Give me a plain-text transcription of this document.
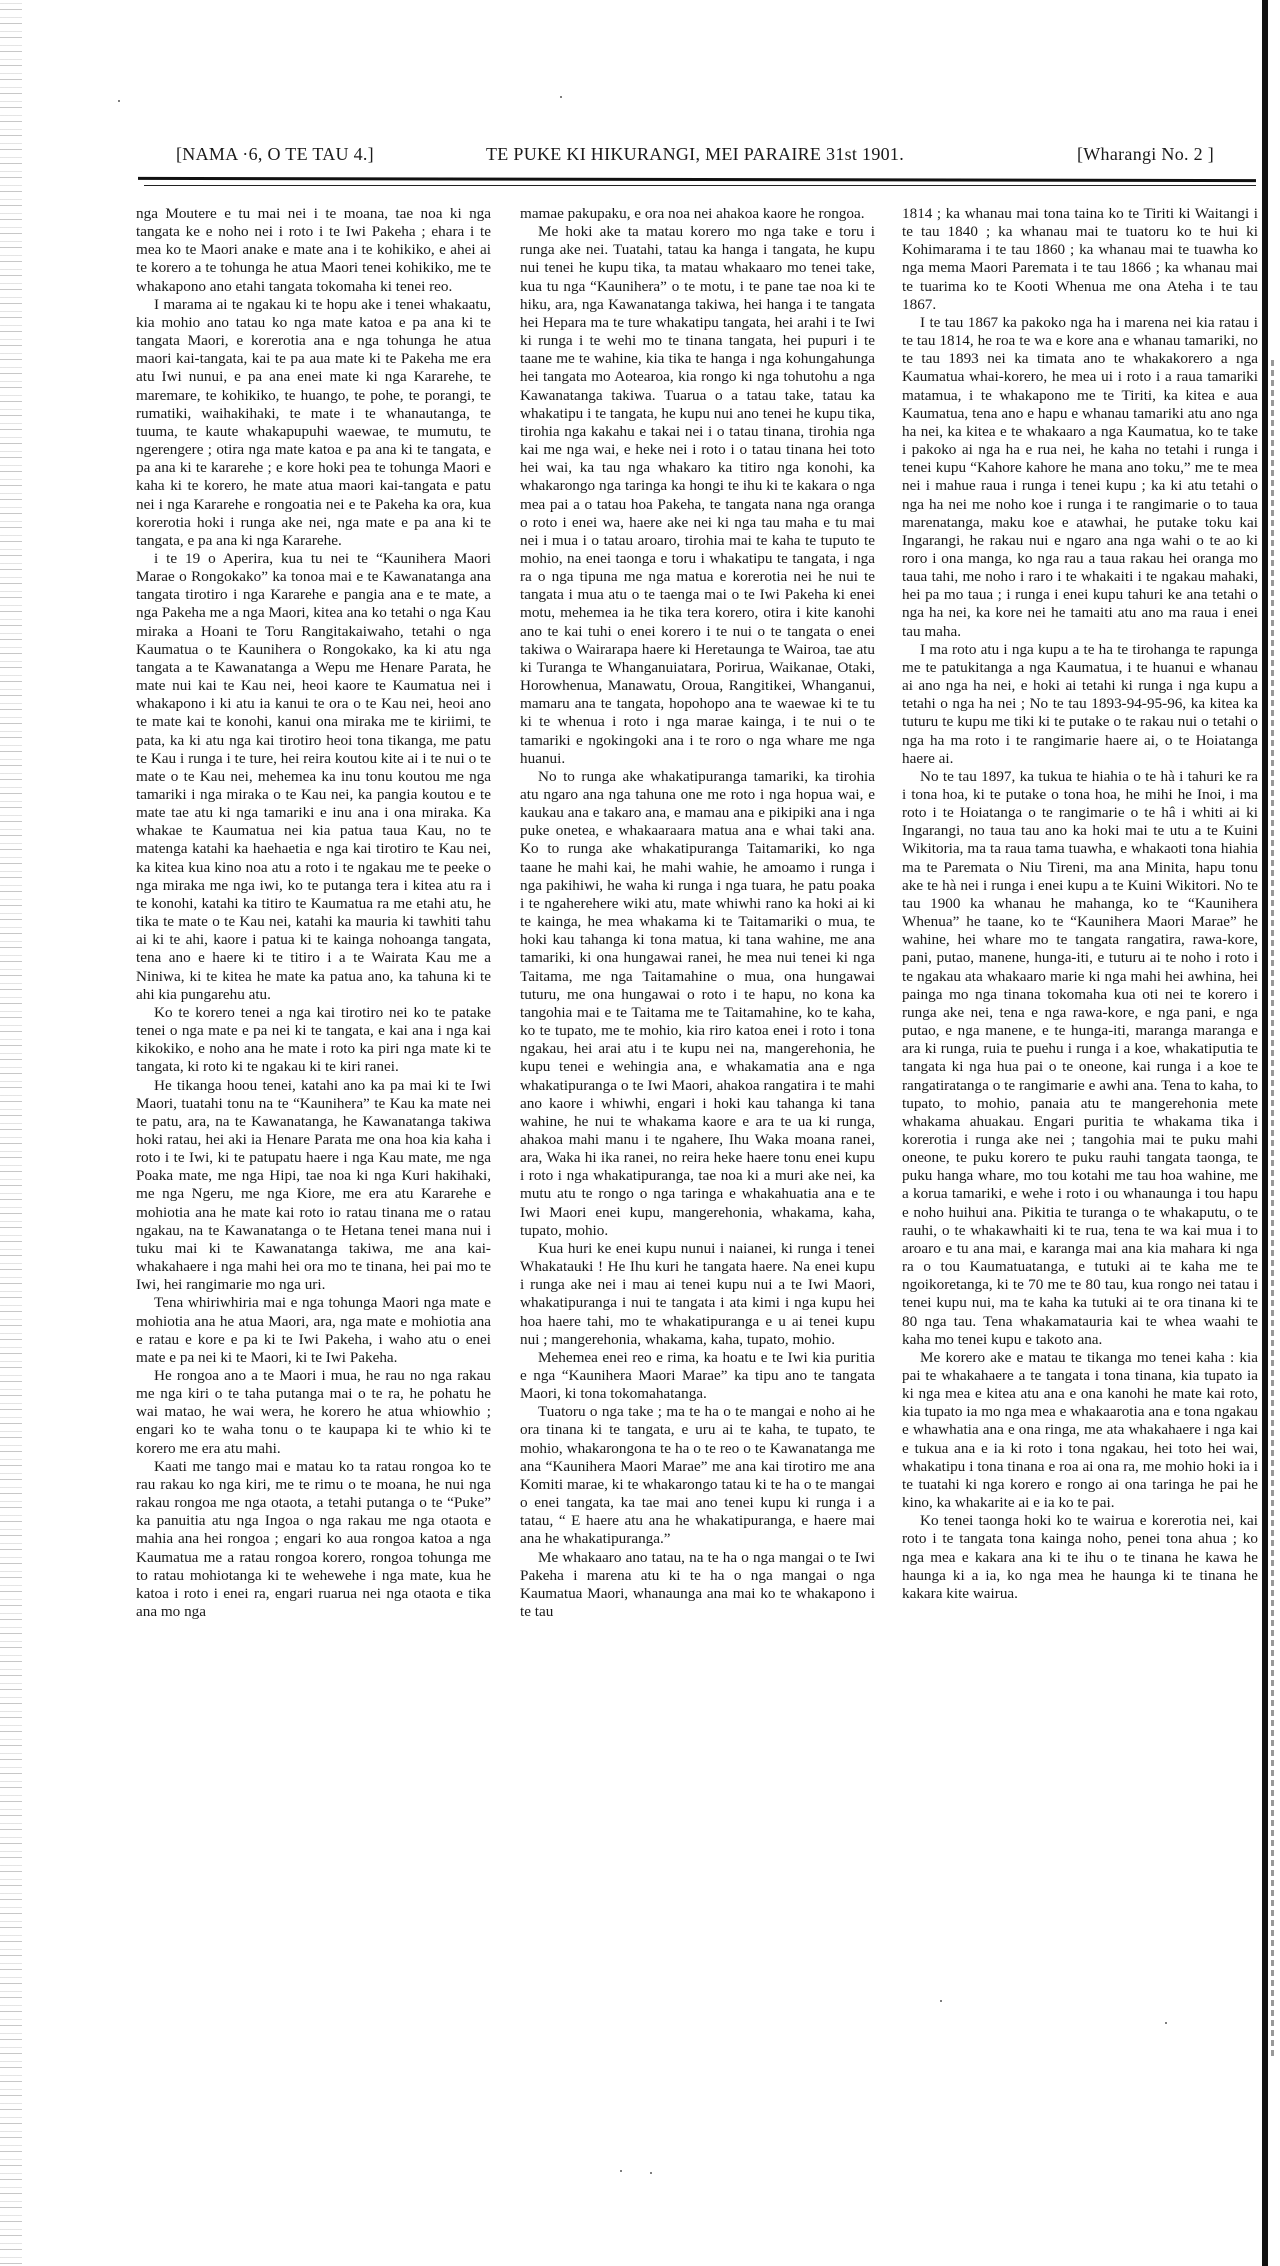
[NAMA ·6, O TE TAU 4.]	TE PUKE KI HIKURANGI, MEI PARAIRE 31st 1901.	[Wharangi No. 2 ]

nga Moutere e tu mai nei i te moana, tae noa ki nga tangata ke e noho nei i roto i te Iwi Pakeha ; ehara i te mea ko te Maori anake e mate ana i te kohikiko, e ahei ai te korero a te tohunga he atua Maori tenei kohikiko, me te whakapono ano etahi tangata tokomaha ki tenei reo.

I marama ai te ngakau ki te hopu ake i tenei whakaatu, kia mohio ano tatau ko nga mate katoa e pa ana ki te tangata Maori, e korerotia ana e nga tohunga he atua maori kai-tangata, kai te pa aua mate ki te Pakeha me era atu Iwi nunui, e pa ana enei mate ki nga Kararehe, te maremare, te kohikiko, te huango, te pohe, te porangi, te rumatiki, waihakihaki, te mate i te whanautanga, te tuuma, te kaute whakapupuhi waewae, te mumutu, te ngerengere ; otira nga mate katoa e pa ana ki te tangata, e pa ana ki te kararehe ; e kore hoki pea te tohunga Maori e kaha ki te korero, he mate atua maori kai-tangata e patu nei i nga Kararehe e rongoatia nei e te Pakeha ka ora, kua korerotia hoki i runga ake nei, nga mate e pa ana ki te tangata, e pa ana ki nga Kararehe.

i te 19 o Aperira, kua tu nei te “Kaunihera Maori Marae o Rongokako” ka tonoa mai e te Kawanatanga ana tangata tirotiro i nga Kararehe e pangia ana e te mate, a nga Pakeha me a nga Maori, kitea ana ko tetahi o nga Kau miraka a Hoani te Toru Rangitakaiwaho, tetahi o nga Kaumatua o te Kaunihera o Rongokako, ka ki atu nga tangata a te Kawanatanga a Wepu me Henare Parata, he mate nui kai te Kau nei, heoi kaore te Kaumatua nei i whakapono i ki atu ia kanui te ora o te Kau nei, heoi ano te mate kai te konohi, kanui ona miraka me te kiriimi, te pata, ka ki atu nga kai tirotiro heoi tona tikanga, me patu te Kau i runga i te ture, hei reira koutou kite ai i te nui o te mate o te Kau nei, mehemea ka inu tonu koutou me nga tamariki i nga miraka o te Kau nei, ka pangia koutou e te mate tae atu ki nga tamariki e inu ana i ona miraka. Ka whakae te Kaumatua nei kia patua taua Kau, no te matenga katahi ka haehaetia e nga kai tirotiro te Kau nei, ka kitea kua kino noa atu a roto i te ngakau me te peeke o nga miraka me nga iwi, ko te putanga tera i kitea atu ra i te konohi, katahi ka titiro te Kaumatua ra me etahi atu, he tika te mate o te Kau nei, katahi ka mauria ki tawhiti tahu ai ki te ahi, kaore i patua ki te kainga nohoanga tangata, tena ano e haere ki te titiro i a te Wairata Kau me a Niniwa, ki te kitea he mate ka patua ano, ka tahuna ki te ahi kia pungarehu atu.

Ko te korero tenei a nga kai tirotiro nei ko te patake tenei o nga mate e pa nei ki te tangata, e kai ana i nga kai kikokiko, e noho ana he mate i roto ka piri nga mate ki te tangata, ki roto ki te ngakau ki te kiri ranei.

He tikanga hoou tenei, katahi ano ka pa mai ki te Iwi Maori, tuatahi tonu na te “Kaunihera” te Kau ka mate nei te patu, ara, na te Kawanatanga, he Kawanatanga takiwa hoki ratau, hei aki ia Henare Parata me ona hoa kia kaha i roto i te Iwi, ki te patupatu haere i nga Kau mate, me nga Poaka mate, me nga Hipi, tae noa ki nga Kuri hakihaki, me nga Ngeru, me nga Kiore, me era atu Kararehe e mohiotia ana he mate kai roto io ratau tinana me o ratau ngakau, na te Kawanatanga o te Hetana tenei mana nui i tuku mai ki te Kawanatanga takiwa, me ana kai-whakahaere i nga mahi hei ora mo te tinana, hei pai mo te Iwi, hei rangimarie mo nga uri.

Tena whiriwhiria mai e nga tohunga Maori nga mate e mohiotia ana he atua Maori, ara, nga mate e mohiotia ana e ratau e kore e pa ki te Iwi Pakeha, i waho atu o enei mate e pa nei ki te Maori, ki te Iwi Pakeha.

He rongoa ano a te Maori i mua, he rau no nga rakau me nga kiri o te taha putanga mai o te ra, he pohatu he wai matao, he wai wera, he korero he atua whiowhio ; engari ko te waha tonu o te kaupapa ki te whio ki te korero me era atu mahi.

Kaati me tango mai e matau ko ta ratau rongoa ko te rau rakau ko nga kiri, me te rimu o te moana, he nui nga rakau rongoa me nga otaota, a tetahi putanga o te “Puke” ka panuitia atu nga Ingoa o nga rakau me nga otaota e mahia ana hei rongoa ; engari ko aua rongoa katoa a nga Kaumatua me a ratau rongoa korero, rongoa tohunga me to ratau mohiotanga ki te wehewehe i nga mate, kua he katoa i roto i enei ra, engari ruarua nei nga otaota e tika ana mo nga

mamae pakupaku, e ora noa nei ahakoa kaore he rongoa.

Me hoki ake ta matau korero mo nga take e toru i runga ake nei. Tuatahi, tatau ka hanga i tangata, he kupu nui tenei he kupu tika, ta matau whakaaro mo tenei take, kua tu nga “Kaunihera” o te motu, i te pane tae noa ki te hiku, ara, nga Kawanatanga takiwa, hei hanga i te tangata hei Hepara ma te ture whakatipu tangata, hei arahi i te Iwi ki runga i te wehi mo te tinana tangata, hei pupuri i te taane me te wahine, kia tika te hanga i nga kohungahunga hei tangata mo Aotearoa, kia rongo ki nga tohutohu a nga Kawanatanga takiwa. Tuarua o a tatau take, tatau ka whakatipu i te tangata, he kupu nui ano tenei he kupu tika, tirohia nga kakahu e takai nei i o tatau tinana, tirohia nga kai me nga wai, e heke nei i roto i o tatau tinana hei toto hei wai, ka tau nga whakaro ka titiro nga konohi, ka whakarongo nga taringa ka hongi te ihu ki te kakara o nga mea pai a o tatau hoa Pakeha, te tangata nana nga oranga o roto i enei wa, haere ake nei ki nga tau maha e tu mai nei i mua i o tatau aroaro, tirohia mai te kaha te tuputo te mohio, na enei taonga e toru i whakatipu te tangata, i nga ra o nga tipuna me nga matua e korerotia nei he nui te tangata i mua atu o te taenga mai o te Iwi Pakeha ki enei motu, mehemea ia he tika tera korero, otira i kite kanohi ano te kai tuhi o enei korero i te nui o te tangata o enei takiwa o Wairarapa haere ki Heretaunga te Wairoa, tae atu ki Turanga te Whanganuiatara, Porirua, Waikanae, Otaki, Horowhenua, Manawatu, Oroua, Rangitikei, Whanganui, mamaru ana te tangata, hopohopo ana te waewae ki te tu ki te whenua i roto i nga marae kainga, i te nui o te tamariki e ngokingoki ana i te roro o nga whare me nga huanui.

No to runga ake whakatipuranga tamariki, ka tirohia atu ngaro ana nga tahuna one me roto i nga hopua wai, e kaukau ana e takaro ana, e mamau ana e pikipiki ana i nga puke onetea, e whakaaraara matua ana e whai taki ana. Ko to runga ake whakatipuranga Taitamariki, ko nga taane he mahi kai, he mahi wahie, he amoamo i runga i nga pakihiwi, he waha ki runga i nga tuara, he patu poaka i te ngaherehere wiki atu, mate whiwhi rano ka hoki ai ki te kainga, he mea whakama ki te Taitamariki o mua, te hoki kau tahanga ki tona matua, ki tana wahine, me ana tamariki, ki ona hungawai ranei, he mea nui tenei ki nga Taitama, me nga Taitamahine o mua, ona hungawai tuturu, me ona hungawai o roto i te hapu, no kona ka tangohia mai e te Taitama me te Taitamahine, ko te kaha, ko te tupato, me te mohio, kia riro katoa enei i roto i tona ngakau, hei arai atu i te kupu nei na, mangerehonia, he kupu tenei e wehingia ana, e whakamatia ana e nga whakatipuranga o te Iwi Maori, ahakoa rangatira i te mahi ano kaore i whiwhi, engari i hoki kau tahanga ki tana wahine, he nui te whakama kaore e ara te ua ki runga, ahakoa mahi manu i te ngahere, Ihu Waka moana ranei, ara, Waka hi ika ranei, no reira heke haere tonu enei kupu i roto i nga whakatipuranga, tae noa ki a muri ake nei, ka mutu atu te rongo o nga taringa e whakahuatia ana e te Iwi Maori enei kupu, mangerehonia, whakama, kaha, tupato, mohio.

Kua huri ke enei kupu nunui i naianei, ki runga i tenei Whakatauki ! He Ihu kuri he tangata haere. Na enei kupu i runga ake nei i mau ai tenei kupu nui a te Iwi Maori, whakatipuranga i nui te tangata i ata kimi i nga kupu hei hoa haere tahi, mo te whakatipuranga e u ai tenei kupu nui ; mangerehonia, whakama, kaha, tupato, mohio.

Mehemea enei reo e rima, ka hoatu e te Iwi kia puritia e nga “Kaunihera Maori Marae” ka tipu ano te tangata Maori, ki tona tokomahatanga.

Tuatoru o nga take ; ma te ha o te mangai e noho ai he ora tinana ki te tangata, e uru ai te kaha, te tupato, te mohio, whakarongona te ha o te reo o te Kawanatanga me ana “Kaunihera Maori Marae” me ana kai tirotiro me ana Komiti marae, ki te whakarongo tatau ki te ha o te mangai o enei tangata, ka tae mai ano tenei kupu ki runga i a tatau, “ E haere atu ana he whakatipuranga, e haere mai ana he whakatipuranga.”

Me whakaaro ano tatau, na te ha o nga mangai o te Iwi Pakeha i marena atu ki te ha o nga mangai o nga Kaumatua Maori, whanaunga ana mai ko te whakapono i te tau

1814 ; ka whanau mai tona taina ko te Tiriti ki Waitangi i te tau 1840 ; ka whanau mai te tuatoru ko te hui ki Kohimarama i te tau 1860 ; ka whanau mai te tuawha ko nga mema Maori Paremata i te tau 1866 ; ka whanau mai te tuarima ko te Kooti Whenua me ona Ateha i te tau 1867.

I te tau 1867 ka pakoko nga ha i marena nei kia ratau i te tau 1814, he roa te wa e kore ana e whanau tamariki, no te tau 1893 nei ka timata ano te whakakorero a nga Kaumatua whai-korero, he mea ui i roto i a raua tamariki matamua, i te whakapono me te Tiriti, ka kitea e aua Kaumatua, tena ano e hapu e whanau tamariki atu ano nga ha nei, ka kitea e te whakaaro a nga Kaumatua, ko te take i pakoko ai nga ha e rua nei, he kaha no tetahi i runga i tenei kupu “Kahore kahore he mana ano toku,” me te mea nei i mahue raua i runga i tenei kupu ; ka ki atu tetahi o nga ha nei me noho koe i runga i te rangimarie o to taua marenatanga, maku koe e atawhai, he putake toku kai Ingarangi, he rakau nui e ngaro ana nga wahi o te ao ki roro i ona manga, ko nga rau a taua rakau hei oranga mo taua tahi, me noho i raro i te whakaiti i te ngakau mahaki, hei pa mo taua ; i runga i enei kupu tahuri ke ana tetahi o nga ha nei, ka kore nei he tamaiti atu ano ma raua i enei tau maha.

I ma roto atu i nga kupu a te ha te tirohanga te rapunga me te patukitanga a nga Kaumatua, i te huanui e whanau ai ano nga ha nei, e hoki ai tetahi ki runga i nga kupu a tetahi o nga ha nei ; No te tau 1893-94-95-96, ka kitea ka tuturu te kupu me tiki ki te putake o te rakau nui o tetahi o nga ha ma roto i te rangimarie haere ai, o te Hoiatanga haere ai.

No te tau 1897, ka tukua te hiahia o te hà i tahuri ke ra i tona hoa, ki te putake o tona hoa, he mihi he Inoi, i ma roto i te Hoiatanga o te rangimarie o te hâ i whiti ai ki Ingarangi, no taua tau ano ka hoki mai te utu a te Kuini Wikitoria, ma ta raua tama tuawha, e whakaoti tona hiahia ma te Paremata o Niu Tireni, ma ana Minita, hapu tonu ake te hà nei i runga i enei kupu a te Kuini Wikitori. No te tau 1900 ka whanau he mahanga, ko te “Kaunihera Whenua” he taane, ko te “Kaunihera Maori Marae” he wahine, hei whare mo te tangata rangatira, rawa-kore, pani, putao, manene, hunga-iti, e tuturu ai te noho i roto i te ngakau ata whakaaro marie ki nga mahi hei awhina, hei painga mo nga tinana tokomaha kua oti nei te korero i runga ake nei, tena e nga rawa-kore, e nga pani, e nga putao, e nga manene, e te hunga-iti, maranga maranga e ara ki runga, ruia te puehu i runga i a koe, whakatiputia te tangata ki nga hua pai o te oneone, kai runga i a koe te rangatiratanga o te rangimarie e awhi ana. Tena to kaha, to tupato, to mohio, panaia atu te mangerehonia mete whakama ahuakau. Engari puritia te whakama tika i korerotia i runga ake nei ; tangohia mai te puku mahi oneone, te puku korero te puku rauhi tangata taonga, te puku hanga whare, mo tou kotahi me tau hoa wahine, me a korua tamariki, e wehe i roto i ou whanaunga i tou hapu e noho huihui ana. Pikitia te turanga o te whakaputu, o te rauhi, o te whakawhaiti ki te rua, tena te wa kai mua i to aroaro e tu ana mai, e karanga mai ana kia mahara ki nga ra o tou Kaumatuatanga, e tutuki ai te kaha me te ngoikoretanga, ki te 70 me te 80 tau, kua rongo nei tatau i tenei kupu nui, ma te kaha ka tutuki ai te ora tinana ki te 80 nga tau. Tena whakamatauria kai te whea waahi te kaha mo tenei kupu e takoto ana.

Me korero ake e matau te tikanga mo tenei kaha : kia pai te whakahaere a te tangata i tona tinana, kia tupato ia ki nga mea e kitea atu ana e ona kanohi he mate kai roto, kia tupato ia mo nga mea e whakaarotia ana e tona ngakau e whawhatia ana e ona ringa, me ata whakahaere i nga kai e tukua ana e ia ki roto i tona ngakau, hei toto hei wai, whakatipu i tona tinana e roa ai ona ra, me mohio hoki ia i te tuatahi ki nga korero e rongo ai ona taringa he pai he kino, ka whakarite ai e ia ko te pai.

Ko tenei taonga hoki ko te wairua e korerotia nei, kai roto i te tangata tona kainga noho, penei tona ahua ; ko nga mea e kakara ana ki te ihu o te tinana he kawa he haunga ki a ia, ko nga mea he haunga ki te tinana he kakara kite wairua.
